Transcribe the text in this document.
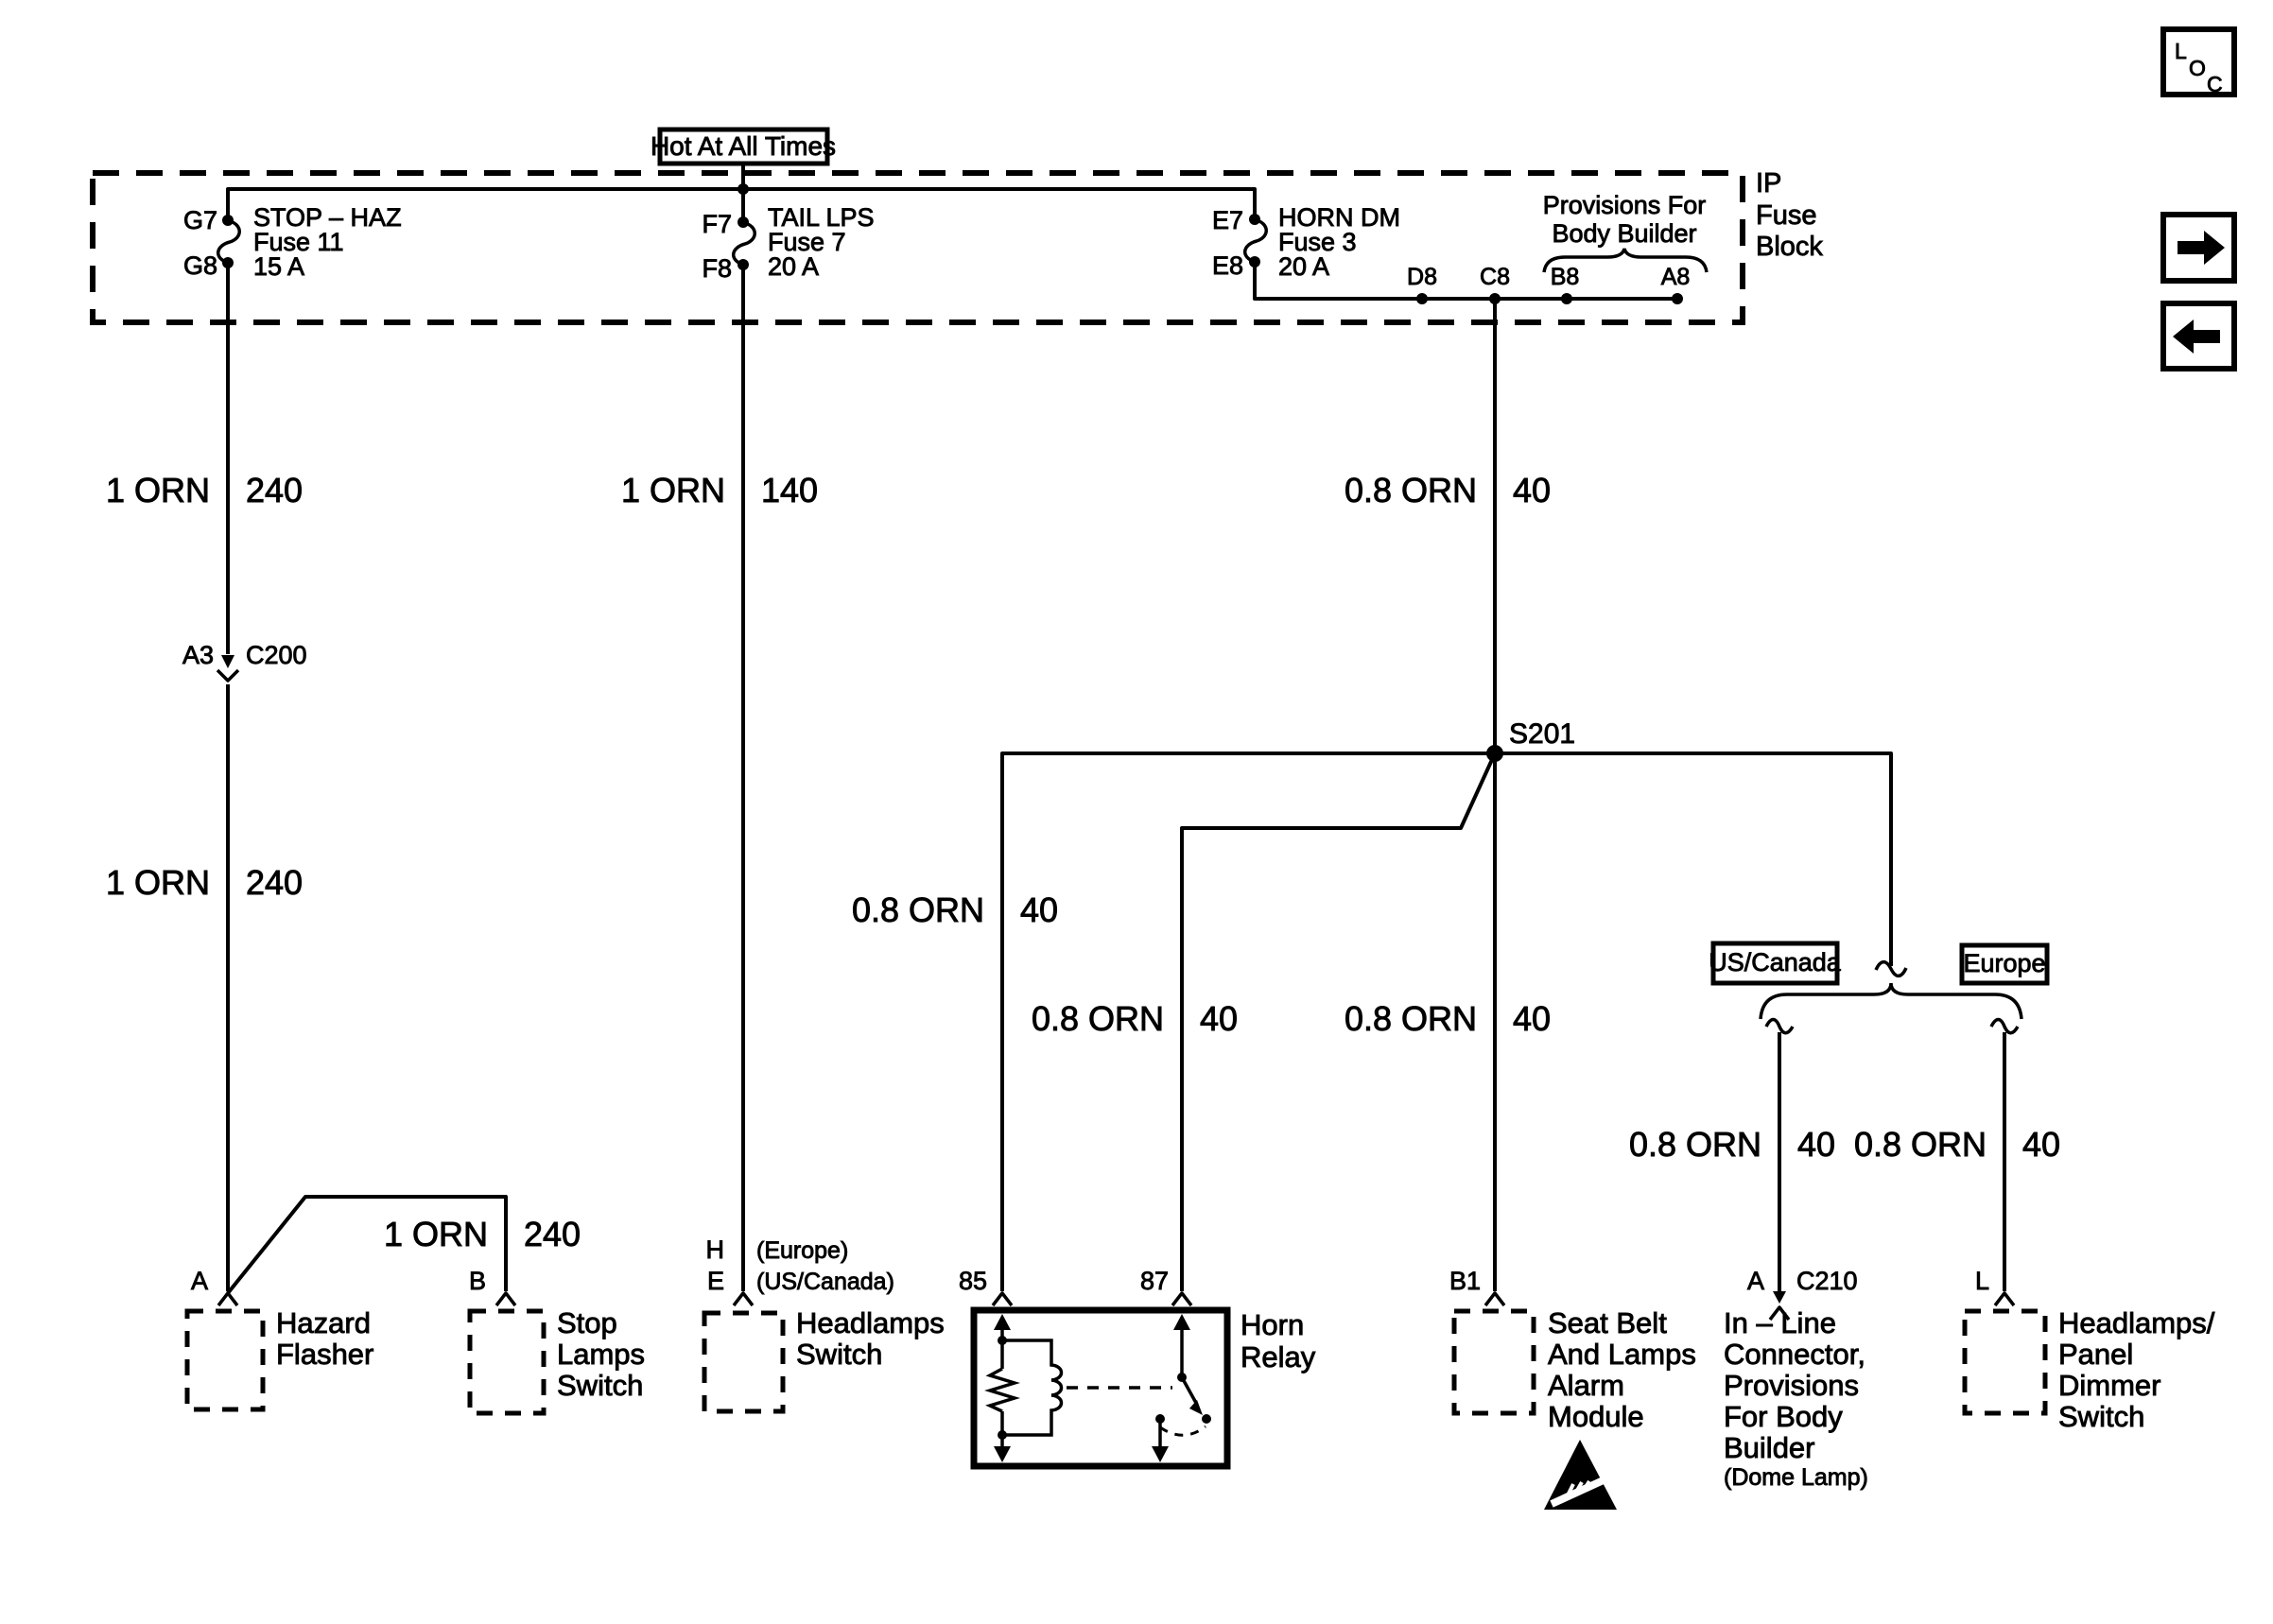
IP
Fuse
Block
Hot At All Times
G7
G8
STOP – HAZ
Fuse 11
15 A
F7
F8
TAIL LPS
Fuse 7
20 A
E7
E8
HORN DM
Fuse 3
20 A	D8 C8 B8	A8
Provisions For
Body Builder
S201
US/Canada	Europe
1 ORN 240	1 ORN 140	0.8 ORN 40
1 ORN 240
0.8 ORN 40
0.8 ORN 40	0.8 ORN 40
0.8 ORN 40 0.8 ORN 40
1 ORN 240
A3 C200
A
Hazard
Flasher
B
Stop
Lamps
Switch
H
E
(Europe)
(US/Canada)
Headlamps
Switch
85	87
Horn
Relay
B1
Seat Belt
And Lamps
Alarm
Module
A C210
In – Line
Connector,
Provisions
For Body
Builder
(Dome Lamp)
L
Headlamps/
Panel
Dimmer
Switch
L
O
C
